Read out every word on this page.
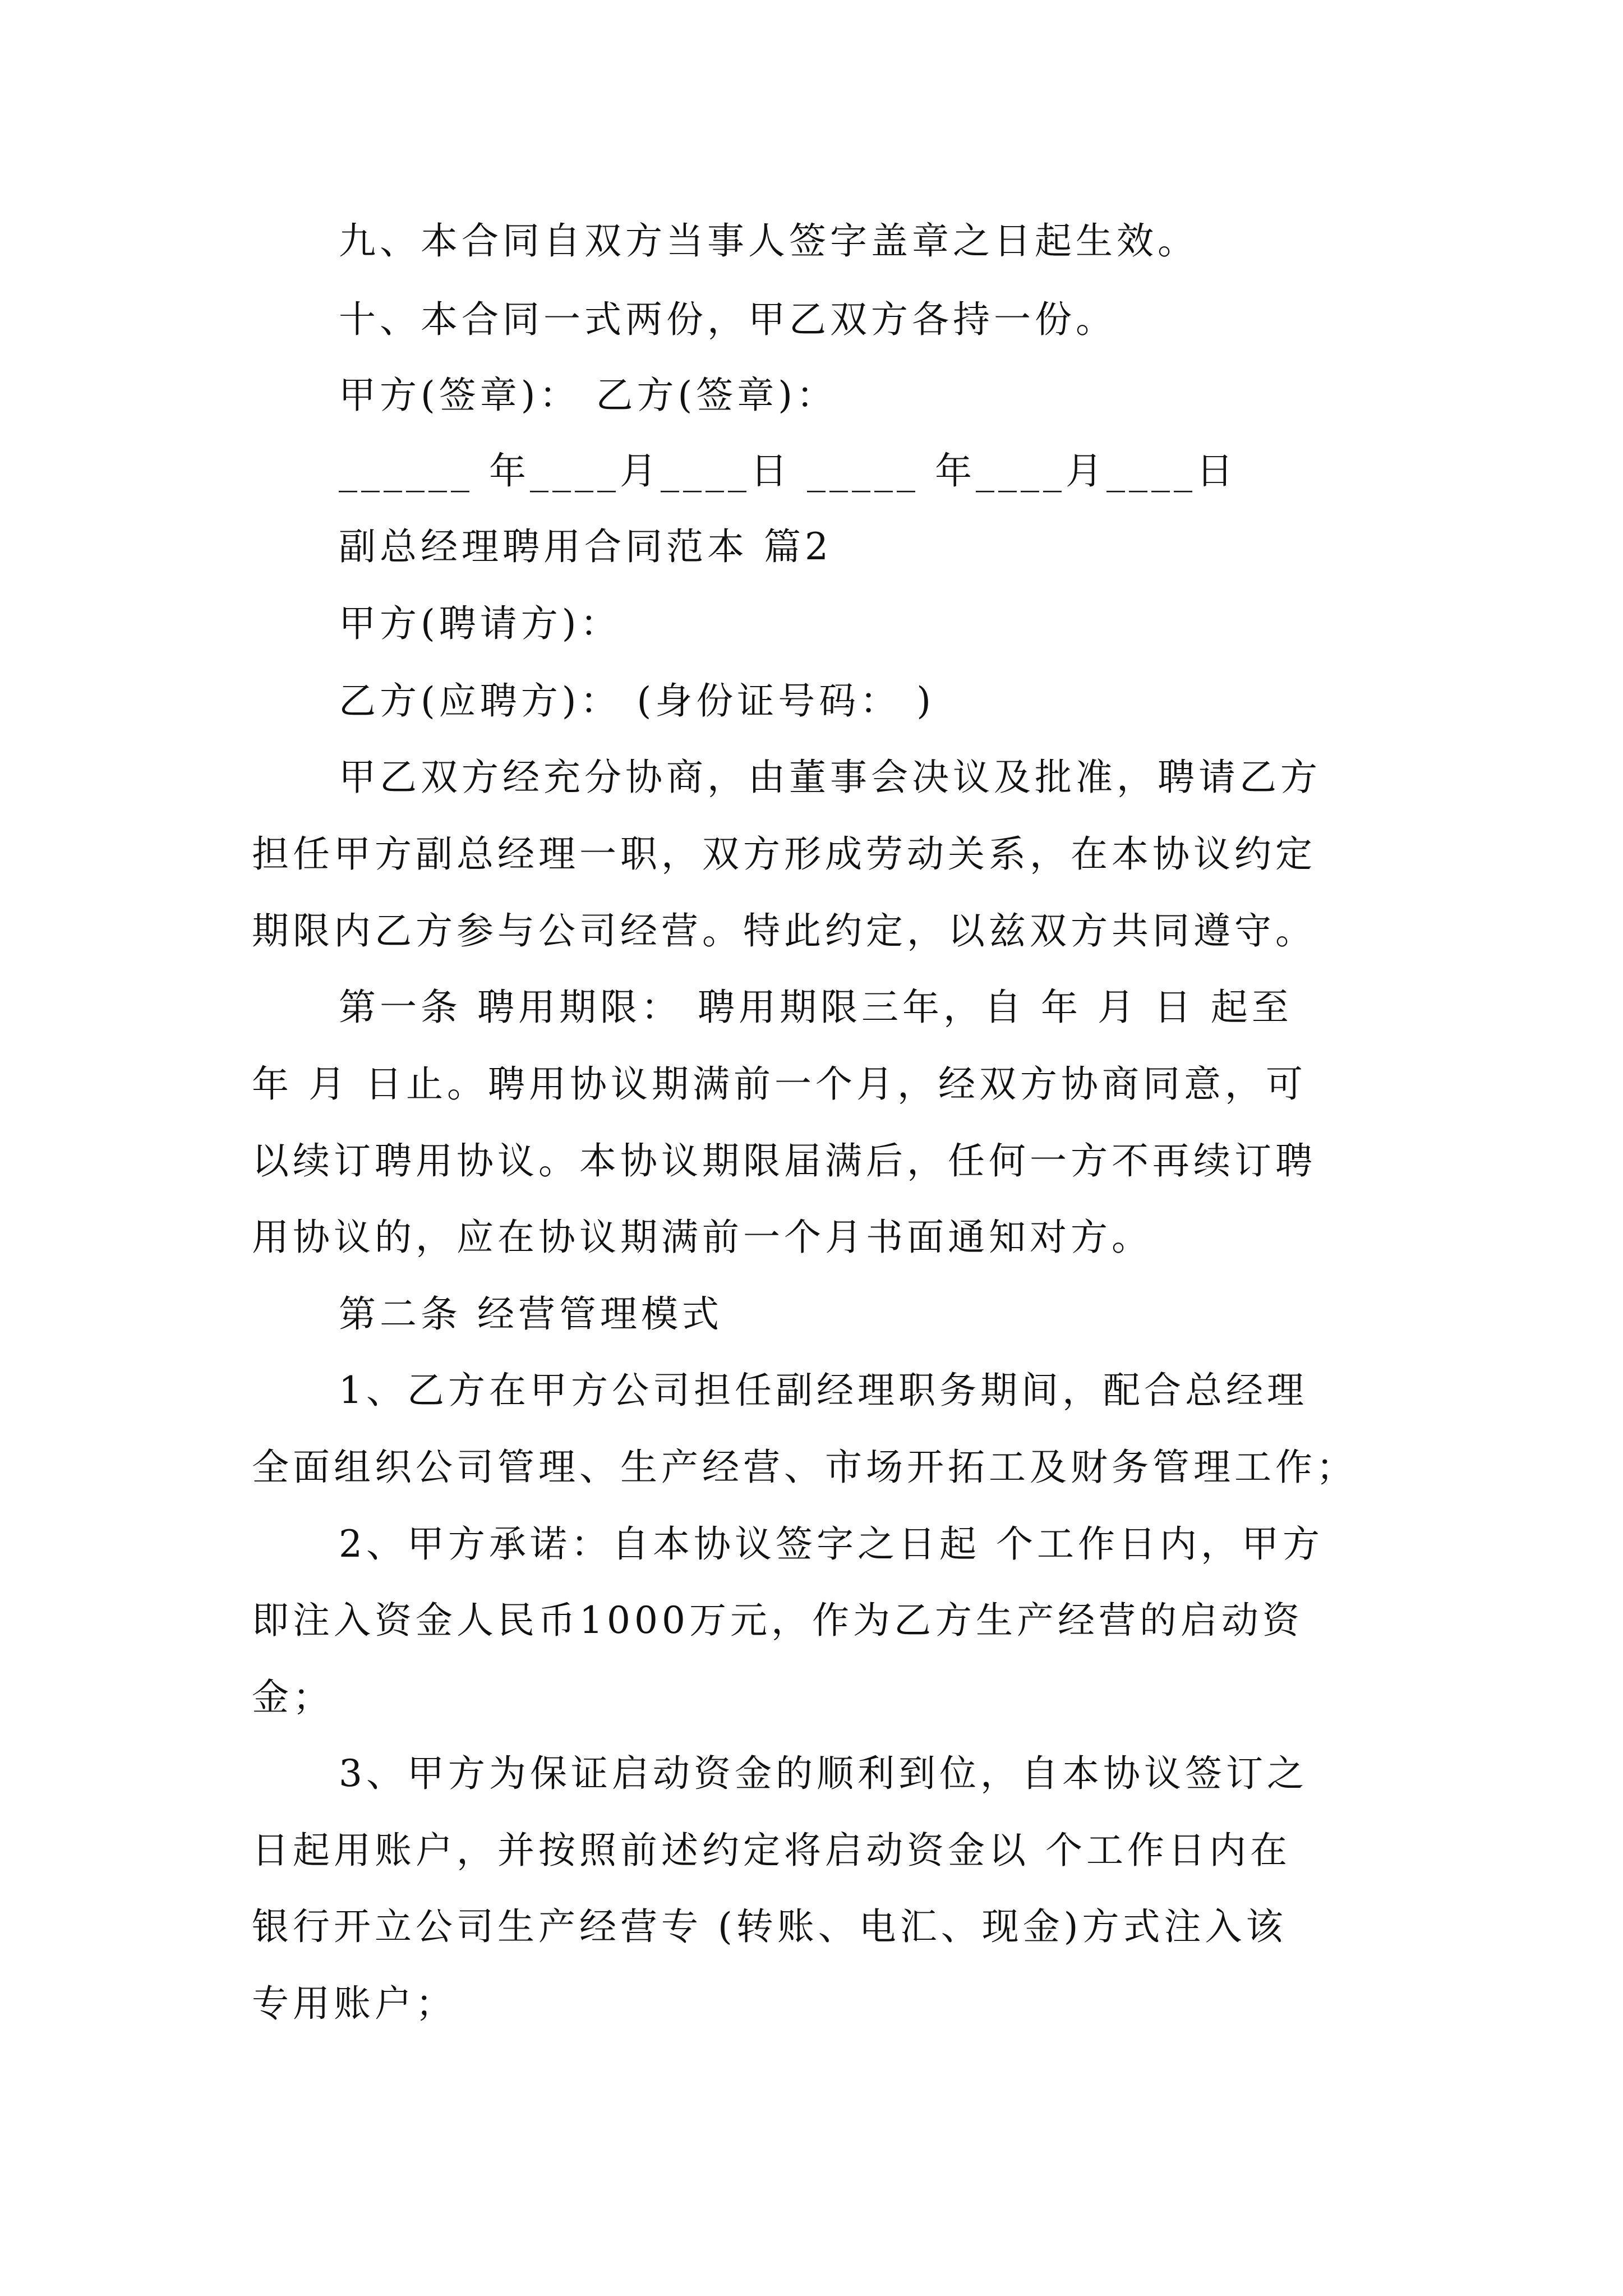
九、本合同自双方当事人签字盖章之日起生效。
十、本合同一式两份，甲乙双方各持一份。
甲方(签章)： 乙方(签章)：
______ 年____月____日 _____ 年____月____日
副总经理聘用合同范本 篇2
甲方(聘请方)：
乙方(应聘方)： (身份证号码： )
甲乙双方经充分协商，由董事会决议及批准，聘请乙方
担任甲方副总经理一职，双方形成劳动关系，在本协议约定
期限内乙方参与公司经营。特此约定，以兹双方共同遵守。
第一条 聘用期限： 聘用期限三年，自 年 月 日 起至
年 月 日止。聘用协议期满前一个月，经双方协商同意，可
以续订聘用协议。本协议期限届满后，任何一方不再续订聘
用协议的，应在协议期满前一个月书面通知对方。
第二条 经营管理模式
1、乙方在甲方公司担任副经理职务期间，配合总经理
全面组织公司管理、生产经营、市场开拓工及财务管理工作；
2、甲方承诺：自本协议签字之日起 个工作日内，甲方
即注入资金人民币1000万元，作为乙方生产经营的启动资
金；
3、甲方为保证启动资金的顺利到位，自本协议签订之
日起用账户，并按照前述约定将启动资金以 个工作日内在
银行开立公司生产经营专 (转账、电汇、现金)方式注入该
专用账户；
